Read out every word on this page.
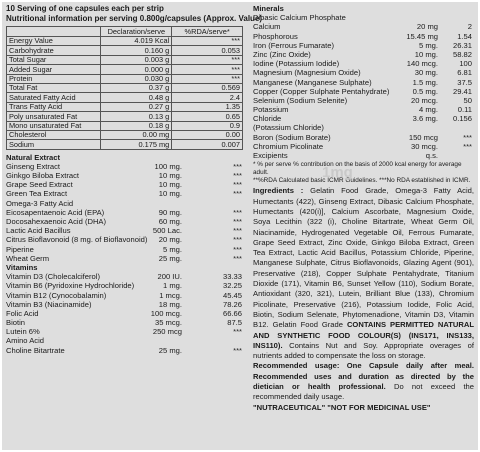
10 Serving of one capsules each per strip
Nutritional information per serving 0.800g/capsules (Approx. Value)
	Declaration/serve	%RDA/serve*
Energy Value	4.019 Kcal	***
Carbohydrate	0.160 g	0.053
Total Sugar	0.003 g	***
Added Sugar	0.000 g	***
Protein	0.030 g	***
Total Fat	0.37 g	0.569
Saturated Fatty Acid	0.48 g	2.4
Trans Fatty Acid	0.27 g	1.35
Poly unsaturated Fat	0.13 g	0.65
Mono unsaturated Fat	0.18 g	0.9
Cholesterol	0.00 mg	0.00
Sodium	0.175 mg	0.007
Natural Extract
Ginseng Extract	100 mg.	***
Ginkgo Biloba Extract	10 mg.	***
Grape Seed Extract	10 mg.	***
Green Tea Extract	10 mg.	***
Omega-3 Fatty Acid
Eicosapentaenoic Acid (EPA)	90 mg.	***
Docosahexaenoic Acid (DHA)	60 mg.	***
Lactic Acid Bacillus	500 Lac.	***
Citrus Bioflavonoid (8 mg. of Bioflavonoid) 20 mg.	***
Piperine	5 mg.	***
Wheat Germ	25 mg.	***
Vitamins
Vitamin D3 (Cholecalciferol)	200 IU.	33.33
Vitamin B6 (Pyridoxine Hydrochloride)	1 mg.	32.25
Vitamin B12 (Cynocobalamin)	1 mcg.	45.45
Vitamin B3 (Niacinamide)	18 mg.	78.26
Folic Acid	100 mcg.	66.66
Biotin	35 mcg.	87.5
Lutein 6%	250 mcg	***
Amino Acid
Choline Bitartrate	25 mg.	***
Minerals
Dibasic Calcium Phosphate
Calcium	20 mg	2
Phosphorous	15.45 mg	1.54
Iron (Ferrous Fumarate)	5 mg. 26.31
Zinc (Zinc Oxide)	10 mg. 58.82
Iodine (Potassium Iodide)	140 mcg.	100
Magnesium (Magnesium Oxide)	30 mg.	6.81
Manganese (Manganese Sulphate)	1.5 mg.	37.5
Copper (Copper Sulphate Pentahydrate)	0.5 mg. 29.41
Selenium (Sodium Selenite)	20 mcg.	50
Potassium	4 mg.	0.11
Chloride	3.6 mg. 0.156
(Potassium Chloride)
Boron (Sodium Borate)	150 mcg	***
Chromium Picolinate	30 mcg.	***
Excipients	q.s.
* % per serve % contribution on the basis of 2000 kcal energy for average adult.
**%RDA Calculated basic ICMR Guidelines. ***No RDA established in ICMR.
Ingredients : Gelatin Food Grade, Omega-3 Fatty Acid, Humectants (422), Ginseng Extract, Dibasic Calcium Phosphate, Humectants (420(i)], Calcium Ascorbate, Magnesium Oxide, Soya Lecithin (322 (i), Choline Bitartrate, Wheat Germ Oil, Niacinamide, Hydrogenated Vegetable Oil, Ferrous Fumarate, Grape Seed Extract, Zinc Oxide, Ginkgo Biloba Extract, Green Tea Extract, Lactic Acid Bacillus, Potassium Chloride, Piperine, Manganese Sulphate, Citrus Bioflavonoids, Glazing Agent (901), Preservative (218), Copper Sulphate Pentahydrate, Titanium Dioxide (171), Vitamin B6, Sunset Yellow (110), Sodium Borate, Antioxidant (320, 321), Lutein, Brilliant Blue (133), Chromium Picolinate, Preservative (216), Potassium Iodide, Folic Acid, Biotin, Sodium Selenate, Phytomenadione, Vitamin D3, Vitamin B12. Gelatin Food Grade CONTAINS PERMITTED NATURAL AND SYNTHETIC FOOD COLOUR(S) (INS171, INS133, INS110). Contains Nut and Soy. Appropriate overages of nutrients added to compensate the loss on storage.
Recommended usage: One Capsule daily after meal. Recommended uses and duration as directed by the dietician or health professional. Do not exceed the recommended daily usage.
"NUTRACEUTICAL" "NOT FOR MEDICINAL USE"
1mg
